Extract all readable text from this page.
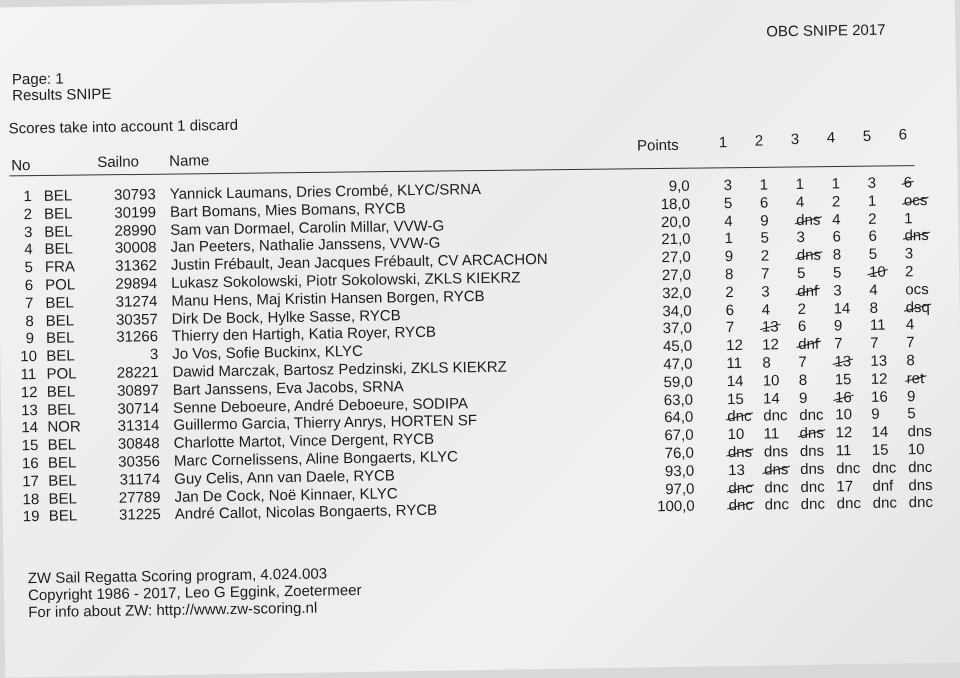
OBC SNIPE 2017
Page: 1
Results SNIPE
Scores take into account 1 discard
No	Sailno Name
Points	1	2	3	4	5	6
1 BEL	30793 Yannick Laumans, Dries Crombé, KLYC/SRNA	9,0 3 1 1 1 3 6
2 BEL	30199 Bart Bomans, Mies Bomans, RYCB	18,0 5 6 4 2 1 ocs
3 BEL	28990 Sam van Dormael, Carolin Millar, VVW-G	20,0 4 9 dns 4 2 1
4 BEL	30008 Jan Peeters, Nathalie Janssens, VVW-G	21,0 1 5 3 6 6 dns
5 FRA	31362 Justin Frébault, Jean Jacques Frébault, CV ARCACHON	27,0 9 2 dns 8 5 3
6 POL	29894 Lukasz Sokolowski, Piotr Sokolowski, ZKLS KIEKRZ	27,0 8 7 5 5 10 2
7 BEL	31274 Manu Hens, Maj Kristin Hansen Borgen, RYCB	32,0 2 3 dnf 3 4 ocs
8 BEL	30357 Dirk De Bock, Hylke Sasse, RYCB	34,0 6 4 2 14 8 dsq
9 BEL	31266 Thierry den Hartigh, Katia Royer, RYCB	37,0 7 13 6 9 11 4
10 BEL	3 Jo Vos, Sofie Buckinx, KLYC	45,0 12 12 dnf 7 7 7
11 POL	28221 Dawid Marczak, Bartosz Pedzinski, ZKLS KIEKRZ	47,0 11 8 7 13 13 8
12 BEL	30897 Bart Janssens, Eva Jacobs, SRNA	59,0 14 10 8 15 12 ret
13 BEL	30714 Senne Deboeure, André Deboeure, SODIPA	63,0 15 14 9 16 16 9
14 NOR	31314 Guillermo Garcia, Thierry Anrys, HORTEN SF	64,0 dnc dnc dnc 10 9 5
15 BEL	30848 Charlotte Martot, Vince Dergent, RYCB	67,0 10 11 dns 12 14 dns
16 BEL	30356 Marc Cornelissens, Aline Bongaerts, KLYC	76,0 dns dns dns 11 15 10
17 BEL	31174 Guy Celis, Ann van Daele, RYCB	93,0 13 dns dns dnc dnc dnc
18 BEL	27789 Jan De Cock, Noë Kinnaer, KLYC	97,0 dnc dnc dnc 17 dnf dns
19 BEL	31225 André Callot, Nicolas Bongaerts, RYCB	100,0 dnc dnc dnc dnc dnc dnc
ZW Sail Regatta Scoring program, 4.024.003
Copyright 1986 - 2017, Leo G Eggink, Zoetermeer
For info about ZW: http://www.zw-scoring.nl
